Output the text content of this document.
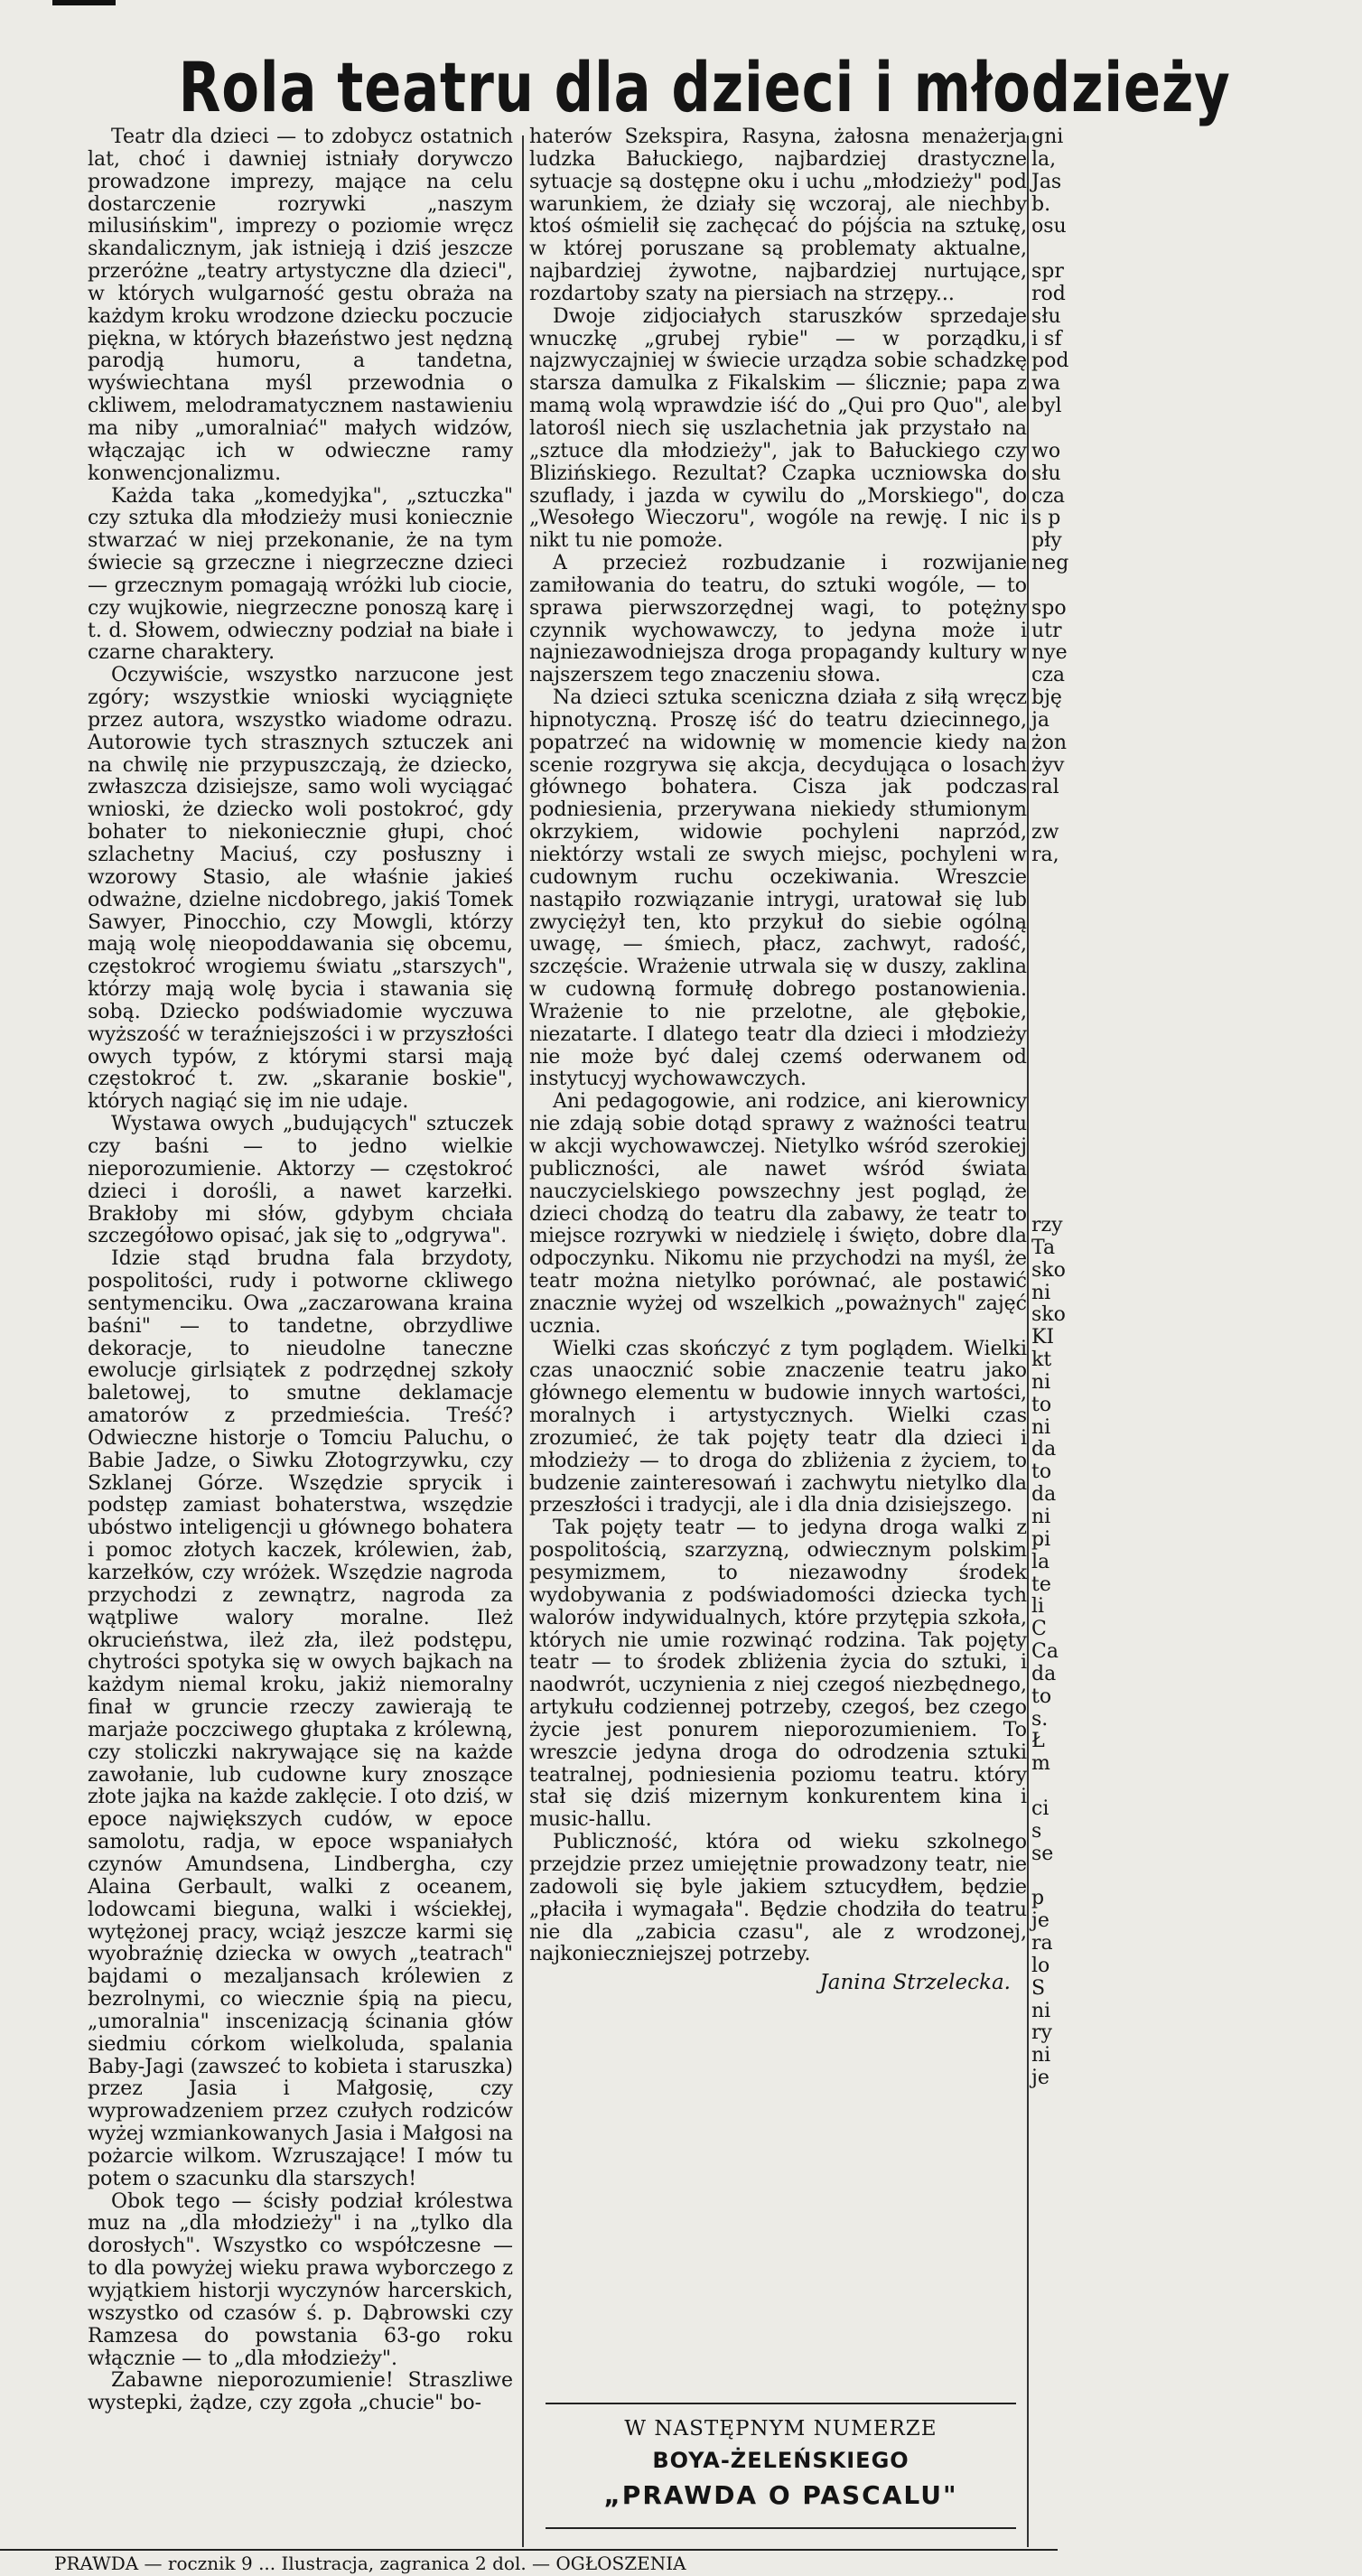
Rola teatru dla dzieci i młodzieży

Teatr dla dzieci — to zdobycz ostatnich lat, choć i dawniej istniały dorywczo prowadzone imprezy, mające na celu dostarczenie rozrywki „naszym milusińskim", imprezy o poziomie wręcz skandalicznym, jak istnieją i dziś jeszcze przeróżne „teatry artystyczne dla dzieci", w których wulgarność gestu obraża na każdym kroku wrodzone dziecku poczucie piękna, w których błazeństwo jest nędzną parodją humoru, a tandetna, wyświechtana myśl przewodnia o ckliwem, melodramatycznem nastawieniu ma niby „umoralniać" małych widzów, włączając ich w odwieczne ramy konwencjonalizmu.

Każda taka „komedyjka", „sztuczka" czy sztuka dla młodzieży musi koniecznie stwarzać w niej przekonanie, że na tym świecie są grzeczne i niegrzeczne dzieci — grzecznym pomagają wróżki lub ciocie, czy wujkowie, niegrzeczne ponoszą karę i t. d. Słowem, odwieczny podział na białe i czarne charaktery.

Oczywiście, wszystko narzucone jest zgóry; wszystkie wnioski wyciągnięte przez autora, wszystko wiadome odrazu. Autorowie tych strasznych sztuczek ani na chwilę nie przypuszczają, że dziecko, zwłaszcza dzisiejsze, samo woli wyciągać wnioski, że dziecko woli postokroć, gdy bohater to niekoniecznie głupi, choć szlachetny Maciuś, czy posłuszny i wzorowy Stasio, ale właśnie jakieś odważne, dzielne nicdobrego, jakiś Tomek Sawyer, Pinocchio, czy Mowgli, którzy mają wolę nieopoddawania się obcemu, częstokroć wrogiemu światu „starszych", którzy mają wolę bycia i stawania się sobą. Dziecko podświadomie wyczuwa wyższość w teraźniejszości i w przyszłości owych typów, z którymi starsi mają częstokroć t. zw. „skaranie boskie", których nagiąć się im nie udaje.

Wystawa owych „budujących" sztuczek czy baśni — to jedno wielkie nieporozumienie. Aktorzy — częstokroć dzieci i dorośli, a nawet karzełki. Brakłoby mi słów, gdybym chciała szczegółowo opisać, jak się to „odgrywa".

Idzie stąd brudna fala brzydoty, pospolitości, rudy i potworne ckliwego sentymenciku. Owa „zaczarowana kraina baśni" — to tandetne, obrzydliwe dekoracje, to nieudolne taneczne ewolucje girlsiątek z podrzędnej szkoły baletowej, to smutne deklamacje amatorów z przedmieścia. Treść? Odwieczne historje o Tomciu Paluchu, o Babie Jadze, o Siwku Złotogrzywku, czy Szklanej Górze. Wszędzie sprycik i podstęp zamiast bohaterstwa, wszędzie ubóstwo inteligencji u głównego bohatera i pomoc złotych kaczek, królewien, żab, karzełków, czy wróżek. Wszędzie nagroda przychodzi z zewnątrz, nagroda za wątpliwe walory moralne. Ileż okrucieństwa, ileż zła, ileż podstępu, chytrości spotyka się w owych bajkach na każdym niemal kroku, jakiż niemoralny finał w gruncie rzeczy zawierają te marjaże poczciwego głuptaka z królewną, czy stoliczki nakrywające się na każde zawołanie, lub cudowne kury znoszące złote jajka na każde zaklęcie. I oto dziś, w epoce największych cudów, w epoce samolotu, radja, w epoce wspaniałych czynów Amundsena, Lindbergha, czy Alaina Gerbault, walki z oceanem, lodowcami bieguna, walki i wściekłej, wytężonej pracy, wciąż jeszcze karmi się wyobraźnię dziecka w owych „teatrach" bajdami o mezaljansach królewien z bezrolnymi, co wiecznie śpią na piecu, „umoralnia" inscenizacją ścinania głów siedmiu córkom wielkoluda, spalania Baby-Jagi (zawszeć to kobieta i staruszka) przez Jasia i Małgosię, czy wyprowadzeniem przez czułych rodziców wyżej wzmiankowanych Jasia i Małgosi na pożarcie wilkom. Wzruszające! I mów tu potem o szacunku dla starszych!

Obok tego — ścisły podział królestwa muz na „dla młodzieży" i na „tylko dla dorosłych". Wszystko co współczesne — to dla powyżej wieku prawa wyborczego z wyjątkiem historji wyczynów harcerskich, wszystko od czasów ś. p. Dąbrowski czy Ramzesa do powstania 63-go roku włącznie — to „dla młodzieży".

Zabawne nieporozumienie! Straszliwe wystepki, żądze, czy zgoła „chucie" bo-

haterów Szekspira, Rasyna, żałosna menażerja ludzka Bałuckiego, najbardziej drastyczne sytuacje są dostępne oku i uchu „młodzieży" pod warunkiem, że działy się wczoraj, ale niechby ktoś ośmielił się zachęcać do pójścia na sztukę, w której poruszane są problematy aktualne, najbardziej żywotne, najbardziej nurtujące, rozdartoby szaty na piersiach na strzępy...

Dwoje zidjociałych staruszków sprzedaje wnuczkę „grubej rybie" — w porządku, najzwyczajniej w świecie urządza sobie schadzkę starsza damulka z Fikalskim — ślicznie; papa z mamą wolą wprawdzie iść do „Qui pro Quo", ale latorośl niech się uszlachetnia jak przystało na „sztuce dla młodzieży", jak to Bałuckiego czy Blizińskiego. Rezultat? Czapka uczniowska do szuflady, i jazda w cywilu do „Morskiego", do „Wesołego Wieczoru", wogóle na rewję. I nic i nikt tu nie pomoże.

A przecież rozbudzanie i rozwijanie zamiłowania do teatru, do sztuki wogóle, — to sprawa pierwszorzędnej wagi, to potężny czynnik wychowawczy, to jedyna może i najniezawodniejsza droga propagandy kultury w najszerszem tego znaczeniu słowa.

Na dzieci sztuka sceniczna działa z siłą wręcz hipnotyczną. Proszę iść do teatru dziecinnego, popatrzeć na widownię w momencie kiedy na scenie rozgrywa się akcja, decydująca o losach głównego bohatera. Cisza jak podczas podniesienia, przerywana niekiedy stłumionym okrzykiem, widowie pochyleni naprzód, niektórzy wstali ze swych miejsc, pochyleni w cudownym ruchu oczekiwania. Wreszcie nastąpiło rozwiązanie intrygi, uratował się lub zwyciężył ten, kto przykuł do siebie ogólną uwagę, — śmiech, płacz, zachwyt, radość, szczęście. Wrażenie utrwala się w duszy, zaklina w cudowną formułę dobrego postanowienia. Wrażenie to nie przelotne, ale głębokie, niezatarte. I dlatego teatr dla dzieci i młodzieży nie może być dalej czemś oderwanem od instytucyj wychowawczych.

Ani pedagogowie, ani rodzice, ani kierownicy nie zdają sobie dotąd sprawy z ważności teatru w akcji wychowawczej. Nietylko wśród szerokiej publiczności, ale nawet wśród świata nauczycielskiego powszechny jest pogląd, że dzieci chodzą do teatru dla zabawy, że teatr to miejsce rozrywki w niedzielę i święto, dobre dla odpoczynku. Nikomu nie przychodzi na myśl, że teatr można nietylko porównać, ale postawić znacznie wyżej od wszelkich „poważnych" zajęć ucznia.

Wielki czas skończyć z tym poglądem. Wielki czas unaocznić sobie znaczenie teatru jako głównego elementu w budowie innych wartości, moralnych i artystycznych. Wielki czas zrozumieć, że tak pojęty teatr dla dzieci i młodzieży — to droga do zbliżenia z życiem, to budzenie zainteresowań i zachwytu nietylko dla przeszłości i tradycji, ale i dla dnia dzisiejszego.

Tak pojęty teatr — to jedyna droga walki z pospolitością, szarzyzną, odwiecznym polskim pesymizmem, to niezawodny środek wydobywania z podświadomości dziecka tych walorów indywidualnych, które przytępia szkoła, których nie umie rozwinąć rodzina. Tak pojęty teatr — to środek zbliżenia życia do sztuki, i naodwrót, uczynienia z niej czegoś niezbędnego, artykułu codziennej potrzeby, czegoś, bez czego życie jest ponurem nieporozumieniem. To wreszcie jedyna droga do odrodzenia sztuki teatralnej, podniesienia poziomu teatru. który stał się dziś mizernym konkurentem kina i music-hallu.

Publiczność, która od wieku szkolnego przejdzie przez umiejętnie prowadzony teatr, nie zadowoli się byle jakiem sztucydłem, będzie „płaciła i wymagała". Będzie chodziła do teatru nie dla „zabicia czasu", ale z wrodzonej, najkonieczniejszej potrzeby.

Janina Strzelecka.
gni
la,
Jas
b.
osu

spr
rod
słu
i sf
pod
wa
byl

wo
słu
cza
s p
pły
neg

spo
utr
nye
cza
bję
ja
żon
żyv
ral

zw
ra,
rzy
Ta
sko
ni
sko
KI
kt
ni
to
ni
da
to
da
ni
pi
la
te
li
C
Ca
da
to
s.
Ł
m

ci
s
se

p
je
ra
lo
S
ni
ry
ni
je
W NASTĘPNYM NUMERZE
BOYA-ŻELEŃSKIEGO
„PRAWDA O PASCALU"
PRAWDA — rocznik 9 ... Ilustracja, zagranica 2 dol. — OGŁOSZENIA
